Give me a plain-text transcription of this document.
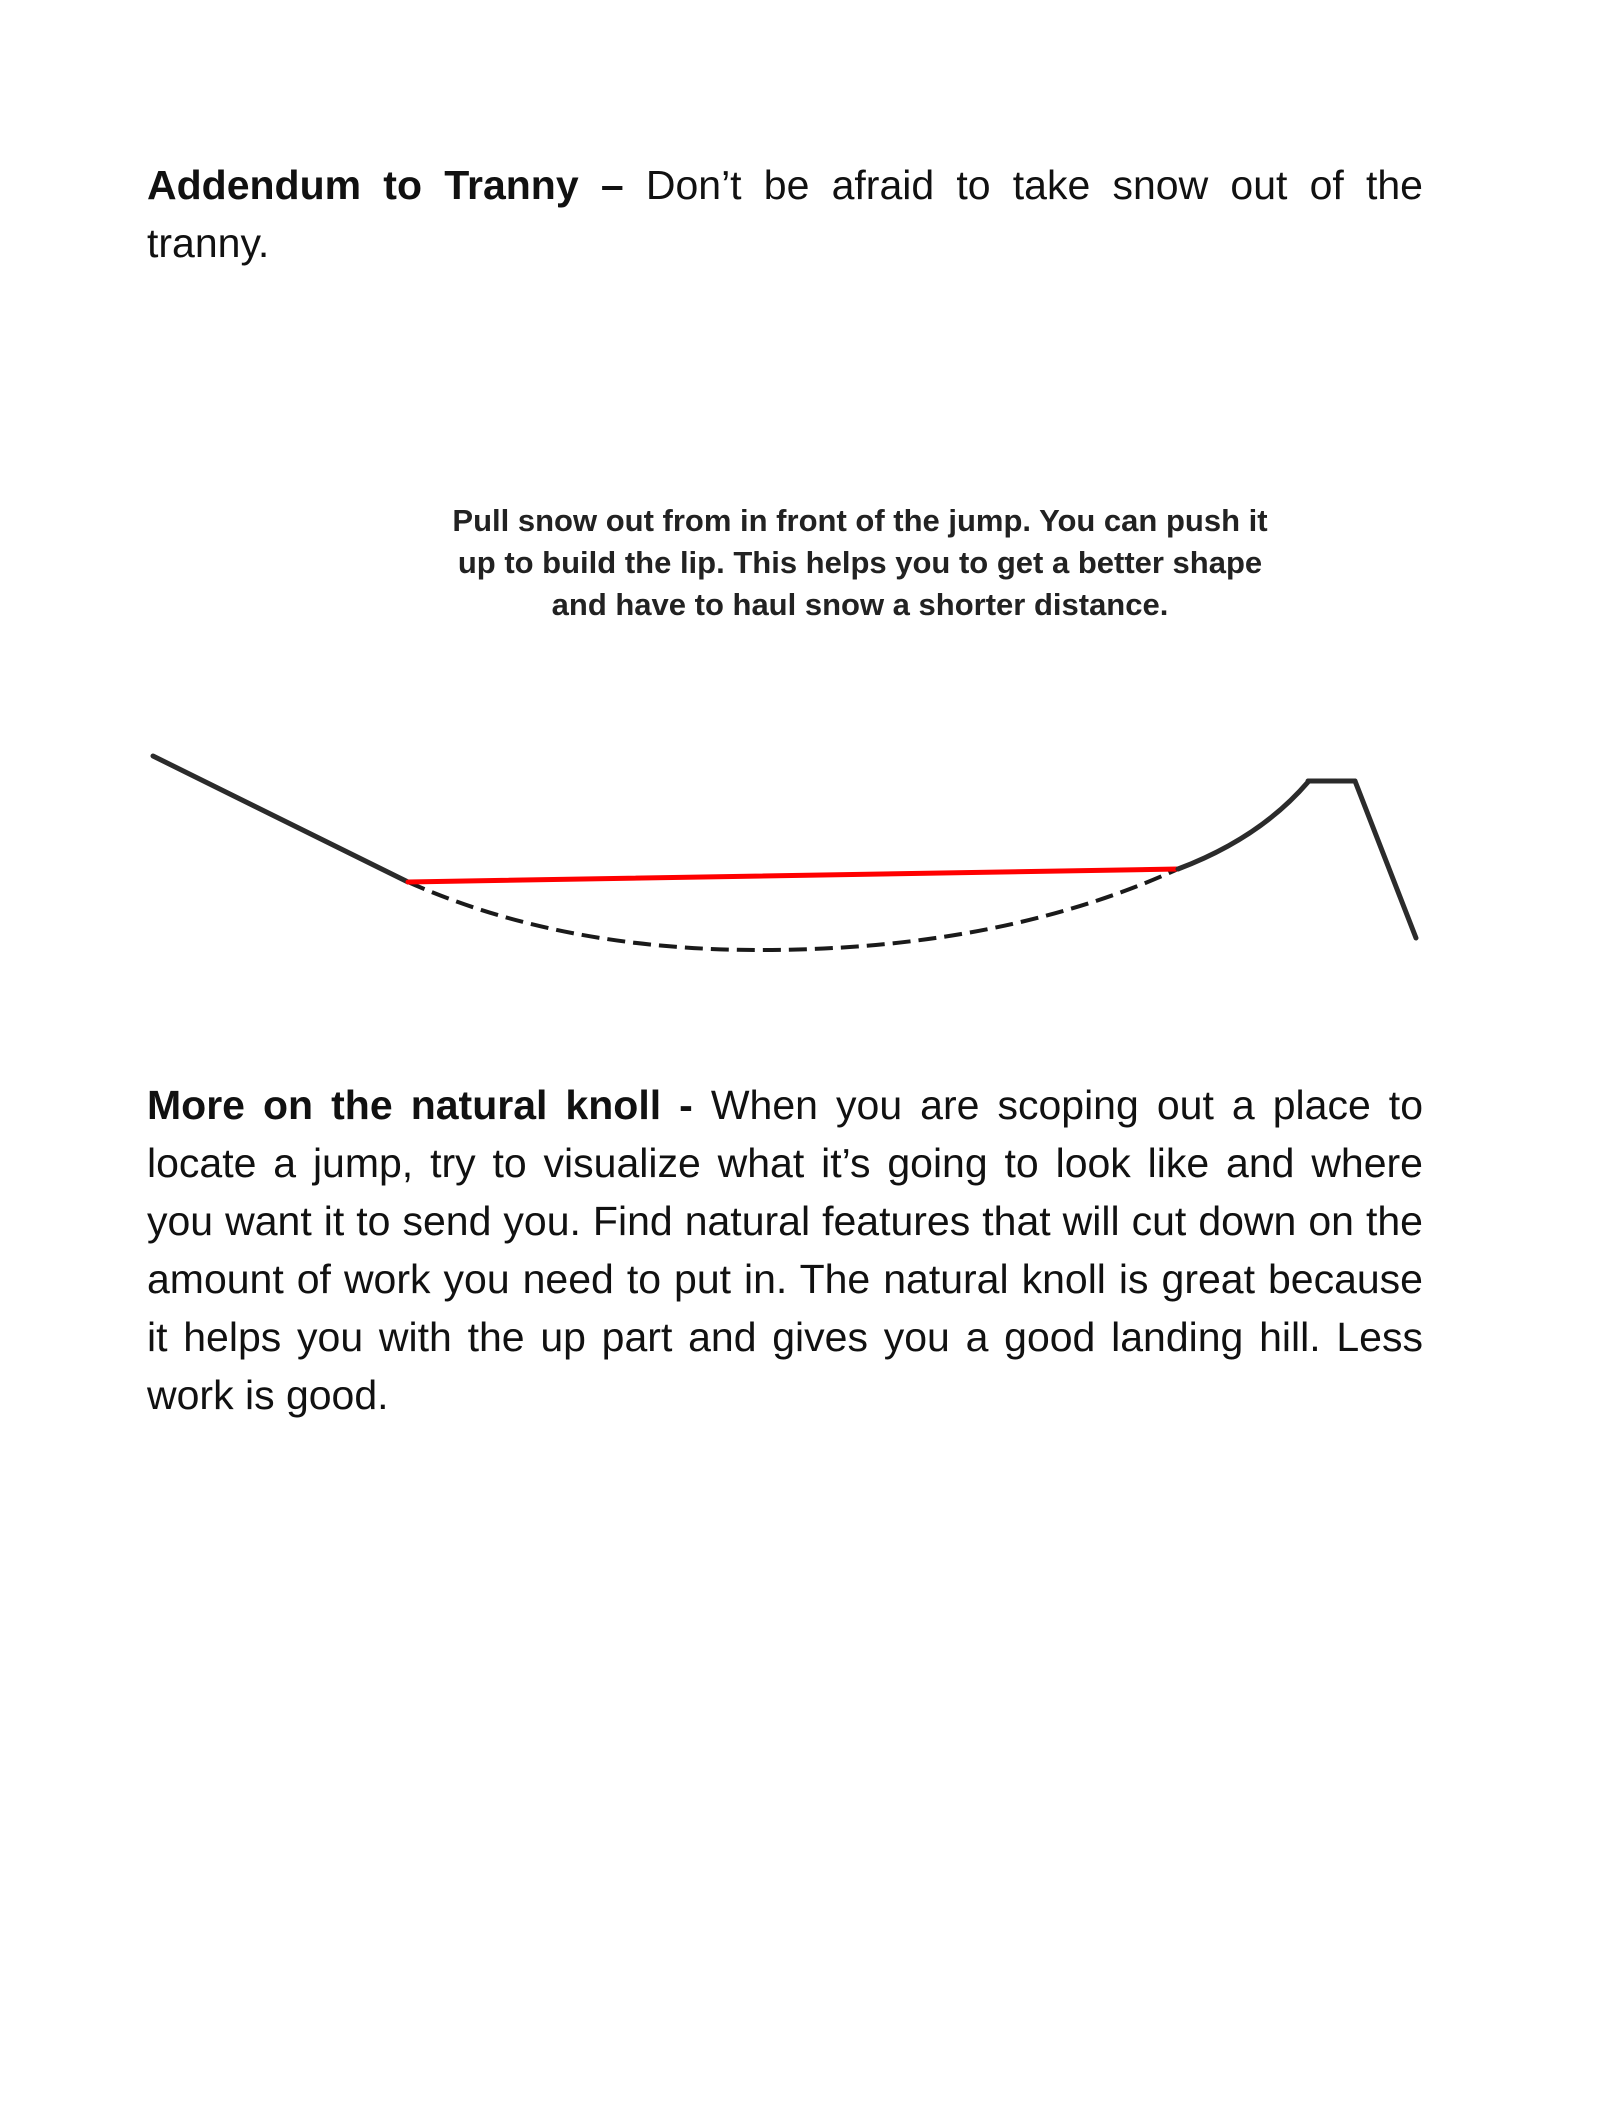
Addendum to Tranny – Don’t be afraid to take snow out of the tranny.

Pull snow out from in front of the jump. You can push it
up to build the lip. This helps you to get a better shape
and have to haul snow a shorter distance.

More on the natural knoll - When you are scoping out a place to locate a jump, try to visualize what it’s going to look like and where you want it to send you. Find natural features that will cut down on the amount of work you need to put in. The natural knoll is great because it helps you with the up part and gives you a good landing hill. Less work is good.
